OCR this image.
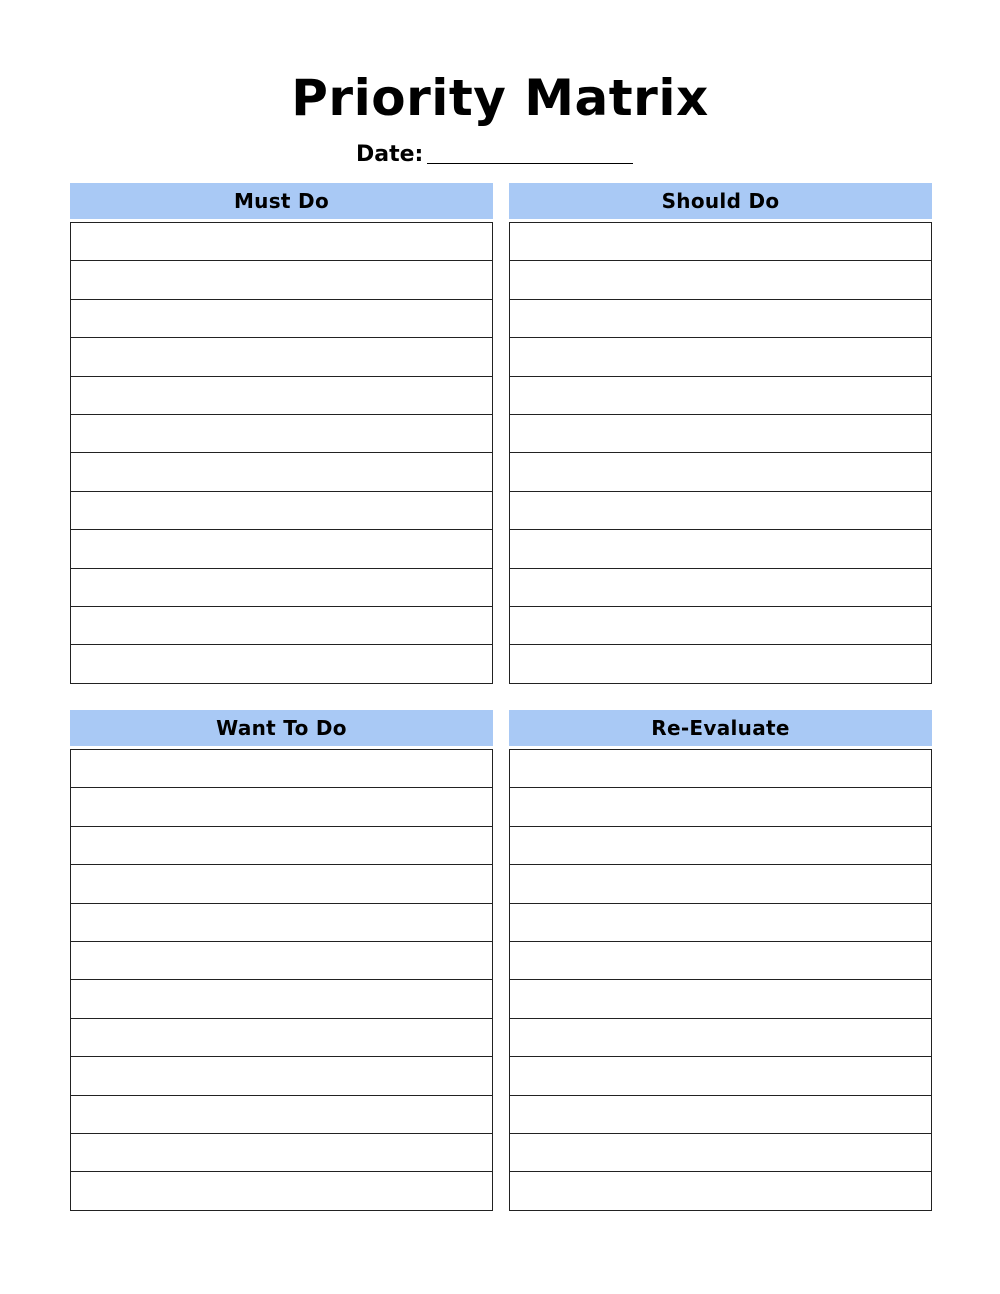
Priority Matrix
Date:
Must Do	Should Do
Want To Do	Re-Evaluate
